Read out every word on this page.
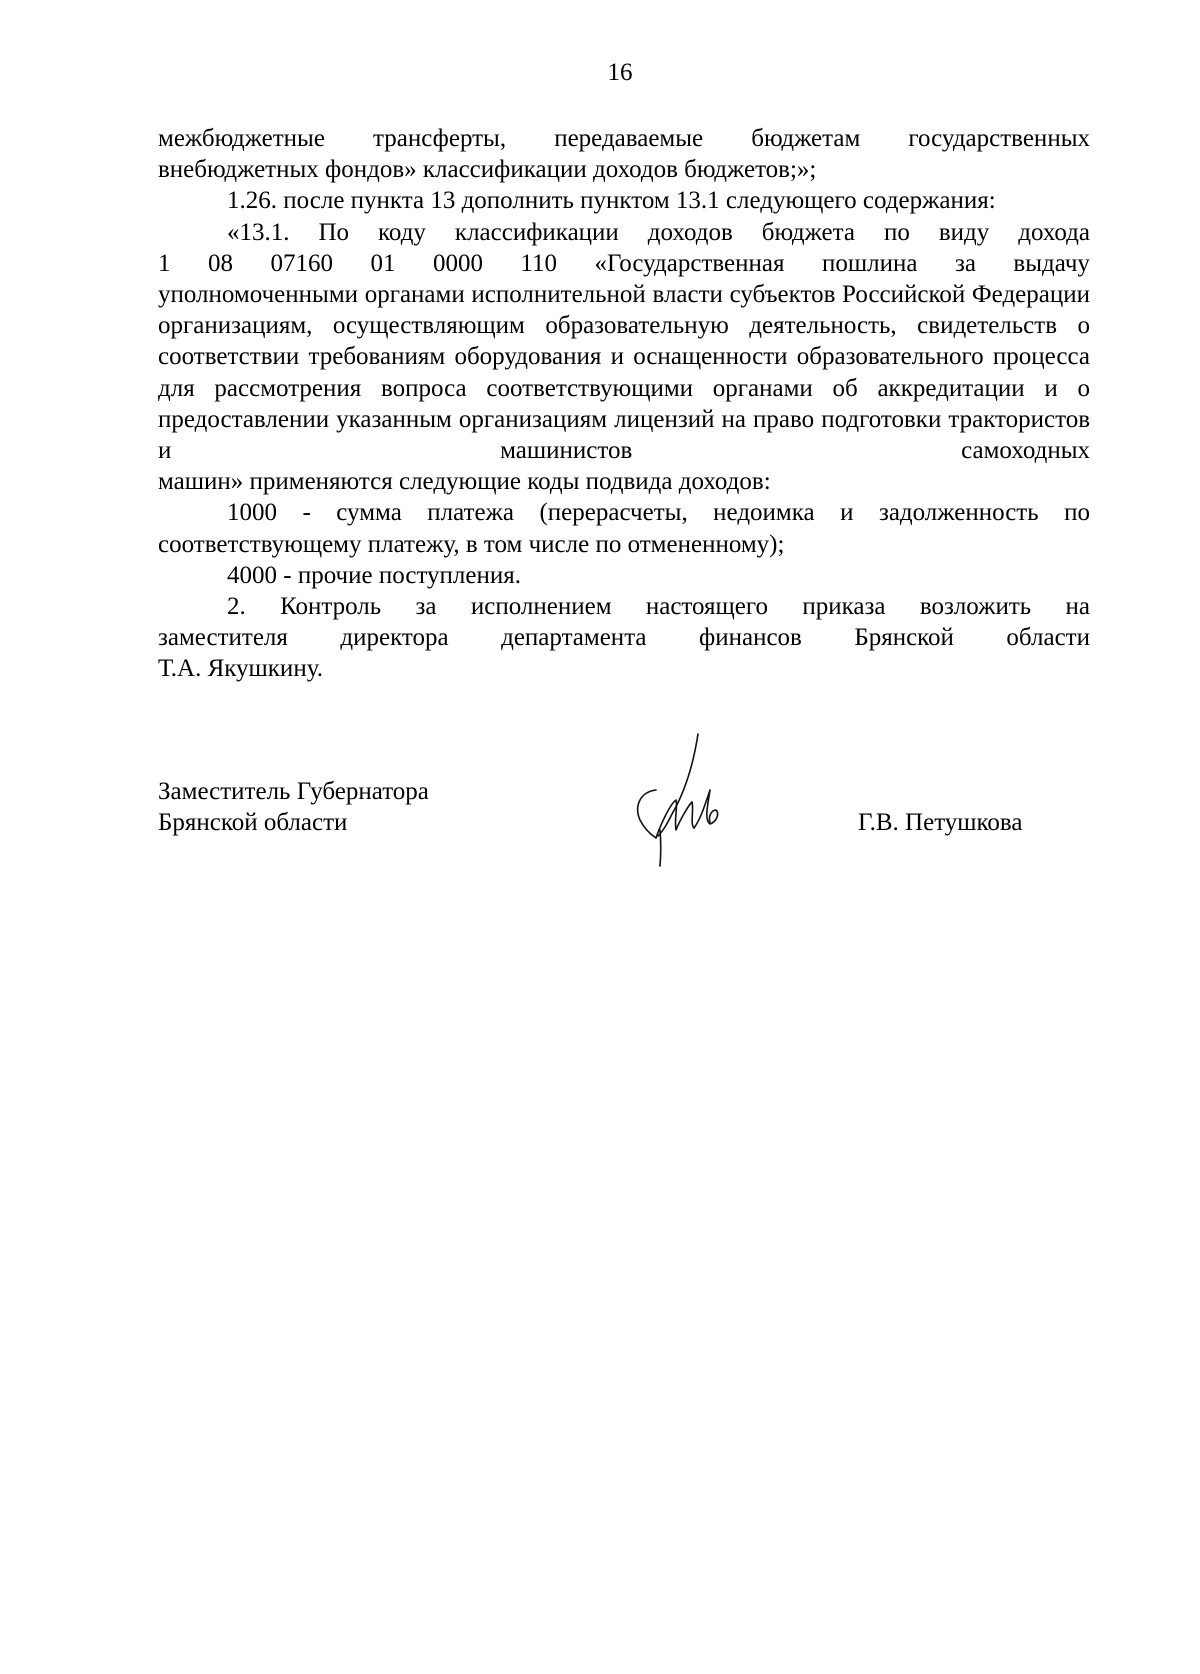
16

межбюджетные трансферты, передаваемые бюджетам государственных

внебюджетных фондов» классификации доходов бюджетов;»;

1.26. после пункта 13 дополнить пунктом 13.1 следующего содержания:

«13.1. По коду классификации доходов бюджета по виду дохода

1 08 07160 01 0000 110 «Государственная пошлина за выдачу

уполномоченными органами исполнительной власти субъектов Российской Федерации организациям, осуществляющим образовательную деятельность, свидетельств о соответствии требованиям оборудования и оснащенности образовательного процесса для рассмотрения вопроса соответствующими органами об аккредитации и о предоставлении указанным организациям лицензий на право подготовки трактористов и машинистов самоходных

машин» применяются следующие коды подвида доходов:

1000 - сумма платежа (перерасчеты, недоимка и задолженность по

соответствующему платежу, в том числе по отмененному);

4000 - прочие поступления.

2. Контроль за исполнением настоящего приказа возложить на

заместителя директора департамента финансов Брянской области

Т.А. Якушкину.

Заместитель Губернатора
Брянской области	Г.В. Петушкова
